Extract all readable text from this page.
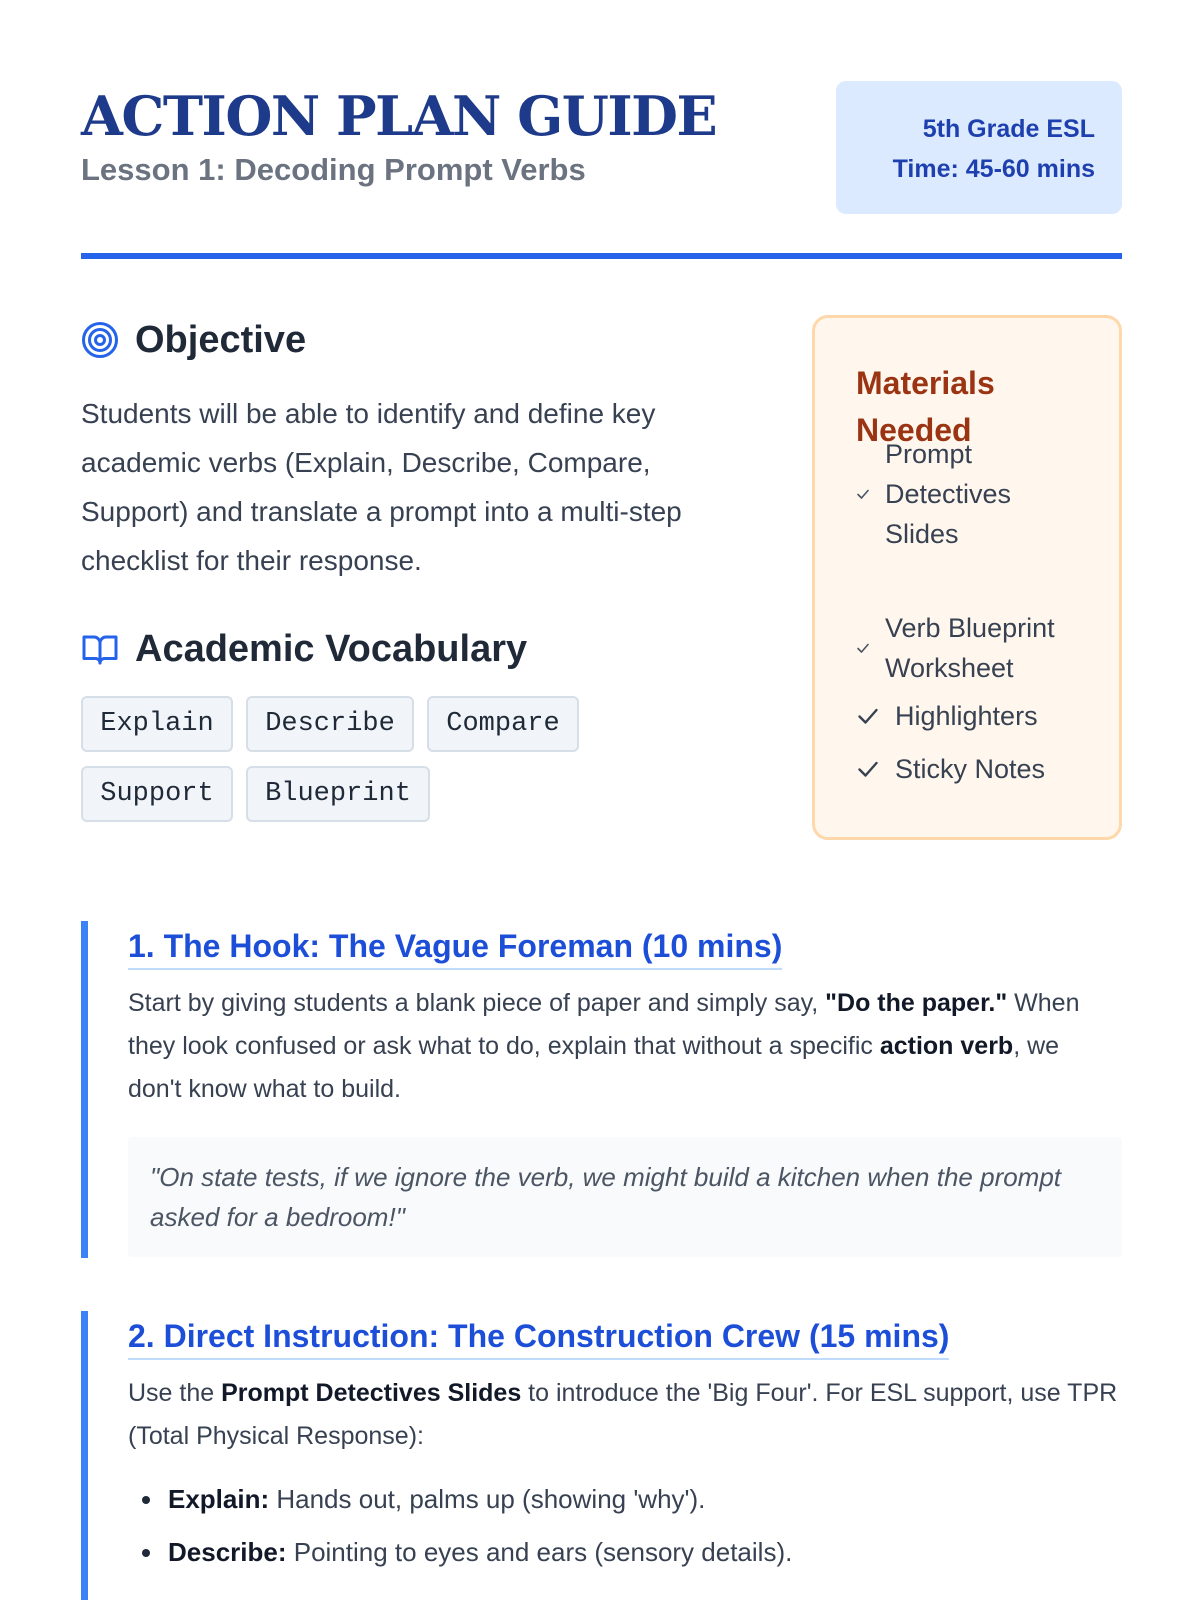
ACTION PLAN GUIDE
Lesson 1: Decoding Prompt Verbs
5th Grade ESL
Time: 45-60 mins
Objective

Students will be able to identify and define key academic verbs (Explain, Describe, Compare, Support) and translate a prompt into a multi-step checklist for their response.

Academic Vocabulary
Explain	Describe	Compare
Support	Blueprint
Materials Needed
Prompt Detectives Slides
Verb Blueprint Worksheet
Highlighters
Sticky Notes
1. The Hook: The Vague Foreman (10 mins)

Start by giving students a blank piece of paper and simply say, "Do the paper." When they look confused or ask what to do, explain that without a specific action verb, we don't know what to build.

"On state tests, if we ignore the verb, we might build a kitchen when the prompt asked for a bedroom!"
2. Direct Instruction: The Construction Crew (15 mins)

Use the Prompt Detectives Slides to introduce the 'Big Four'. For ESL support, use TPR (Total Physical Response):

Explain: Hands out, palms up (showing 'why').
Describe: Pointing to eyes and ears (sensory details).
